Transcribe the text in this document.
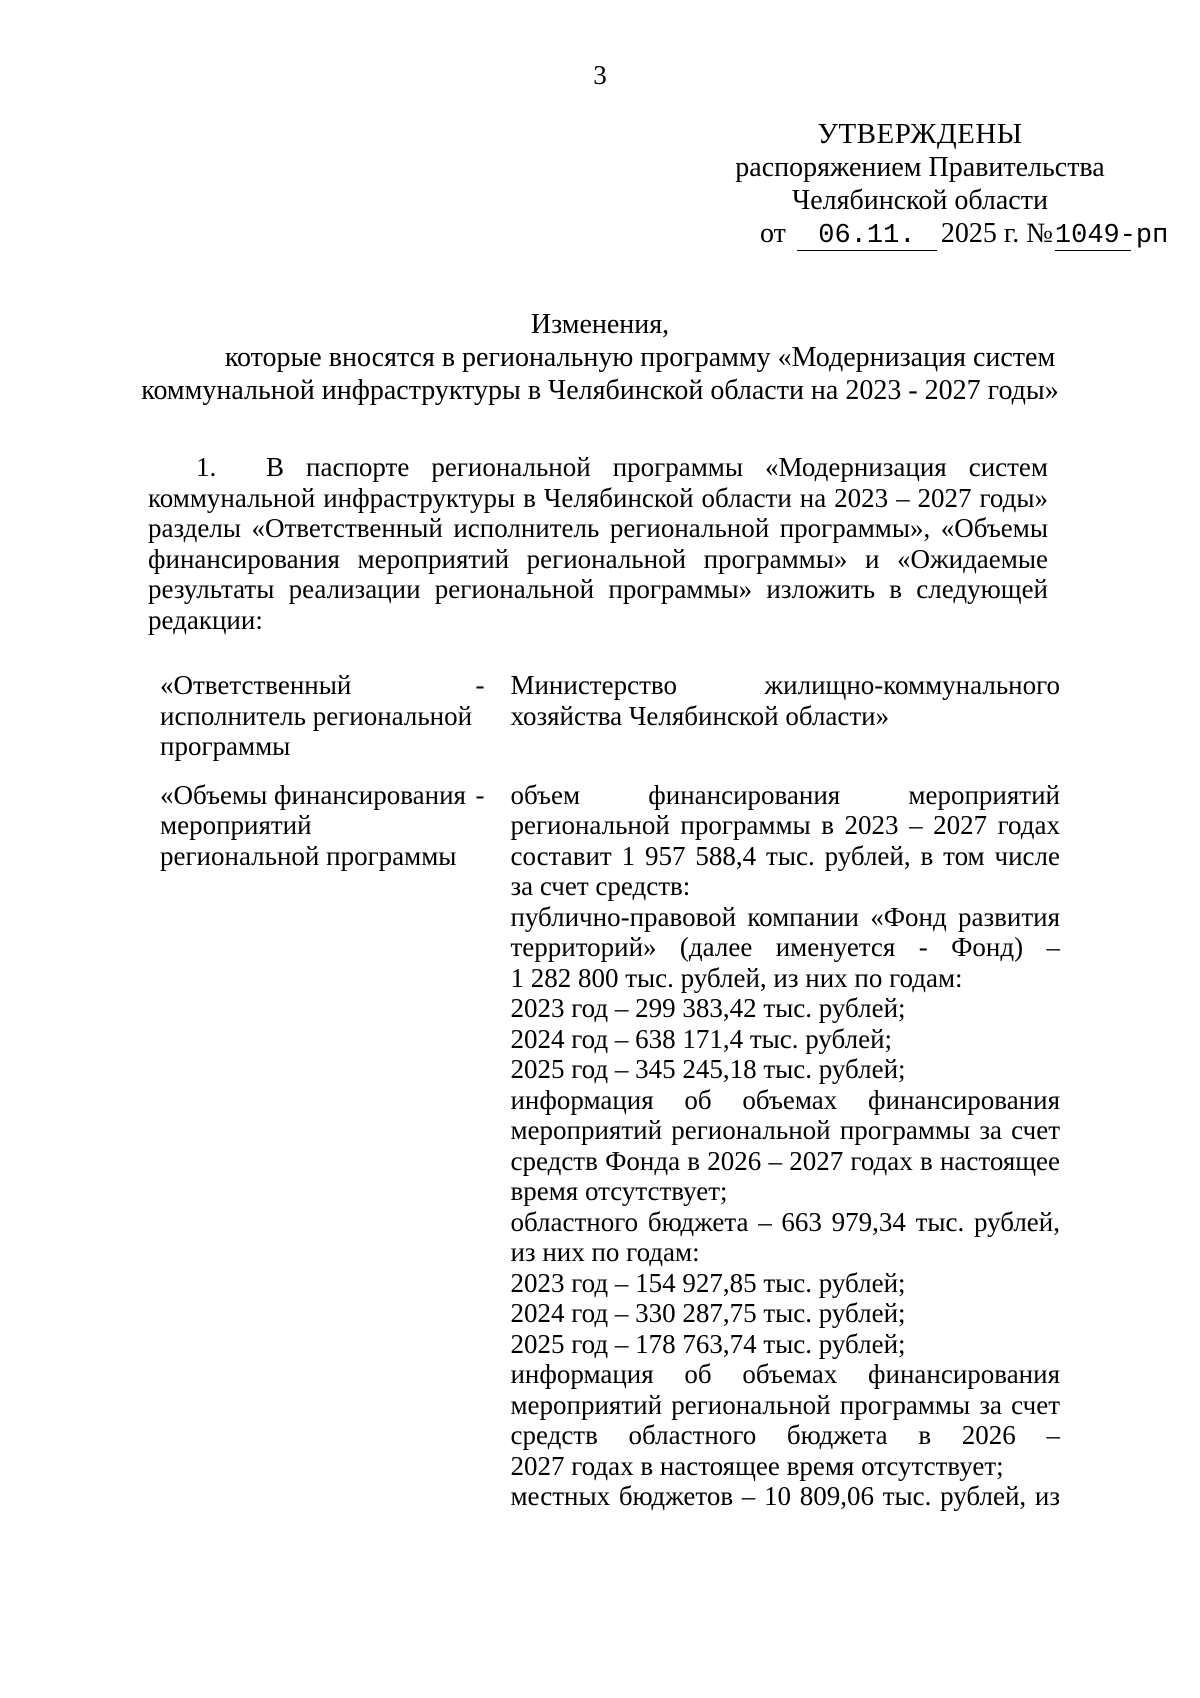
3
УТВЕРЖДЕНЫ
распоряжением Правительства
Челябинской области
от 06.11. 2025 г. №1049-рп
Изменения,
которые вносятся в региональную программу «Модернизация систем
коммунальной инфраструктуры в Челябинской области на 2023 - 2027 годы»
1. В паспорте региональной программы «Модернизация систем
коммунальной инфраструктуры в Челябинской области на 2023 – 2027 годы»
разделы «Ответственный исполнитель региональной программы», «Объемы
финансирования мероприятий региональной программы» и «Ожидаемые
результаты реализации региональной программы» изложить в следующей
редакции:
«Ответственный
исполнитель региональной
программы
- Министерство жилищно-коммунального
хозяйства Челябинской области»
«Объемы финансирования
мероприятий
региональной программы
- объем финансирования мероприятий
региональной программы в 2023 – 2027 годах
составит 1 957 588,4 тыс. рублей, в том числе
за счет средств:
публично-правовой компании «Фонд развития
территорий» (далее именуется - Фонд) –
1 282 800 тыс. рублей, из них по годам:
2023 год – 299 383,42 тыс. рублей;
2024 год – 638 171,4 тыс. рублей;
2025 год – 345 245,18 тыс. рублей;
информация об объемах финансирования
мероприятий региональной программы за счет
средств Фонда в 2026 – 2027 годах в настоящее
время отсутствует;
областного бюджета – 663 979,34 тыс. рублей,
из них по годам:
2023 год – 154 927,85 тыс. рублей;
2024 год – 330 287,75 тыс. рублей;
2025 год – 178 763,74 тыс. рублей;
информация об объемах финансирования
мероприятий региональной программы за счет
средств областного бюджета в 2026 –
2027 годах в настоящее время отсутствует;
местных бюджетов – 10 809,06 тыс. рублей, из
